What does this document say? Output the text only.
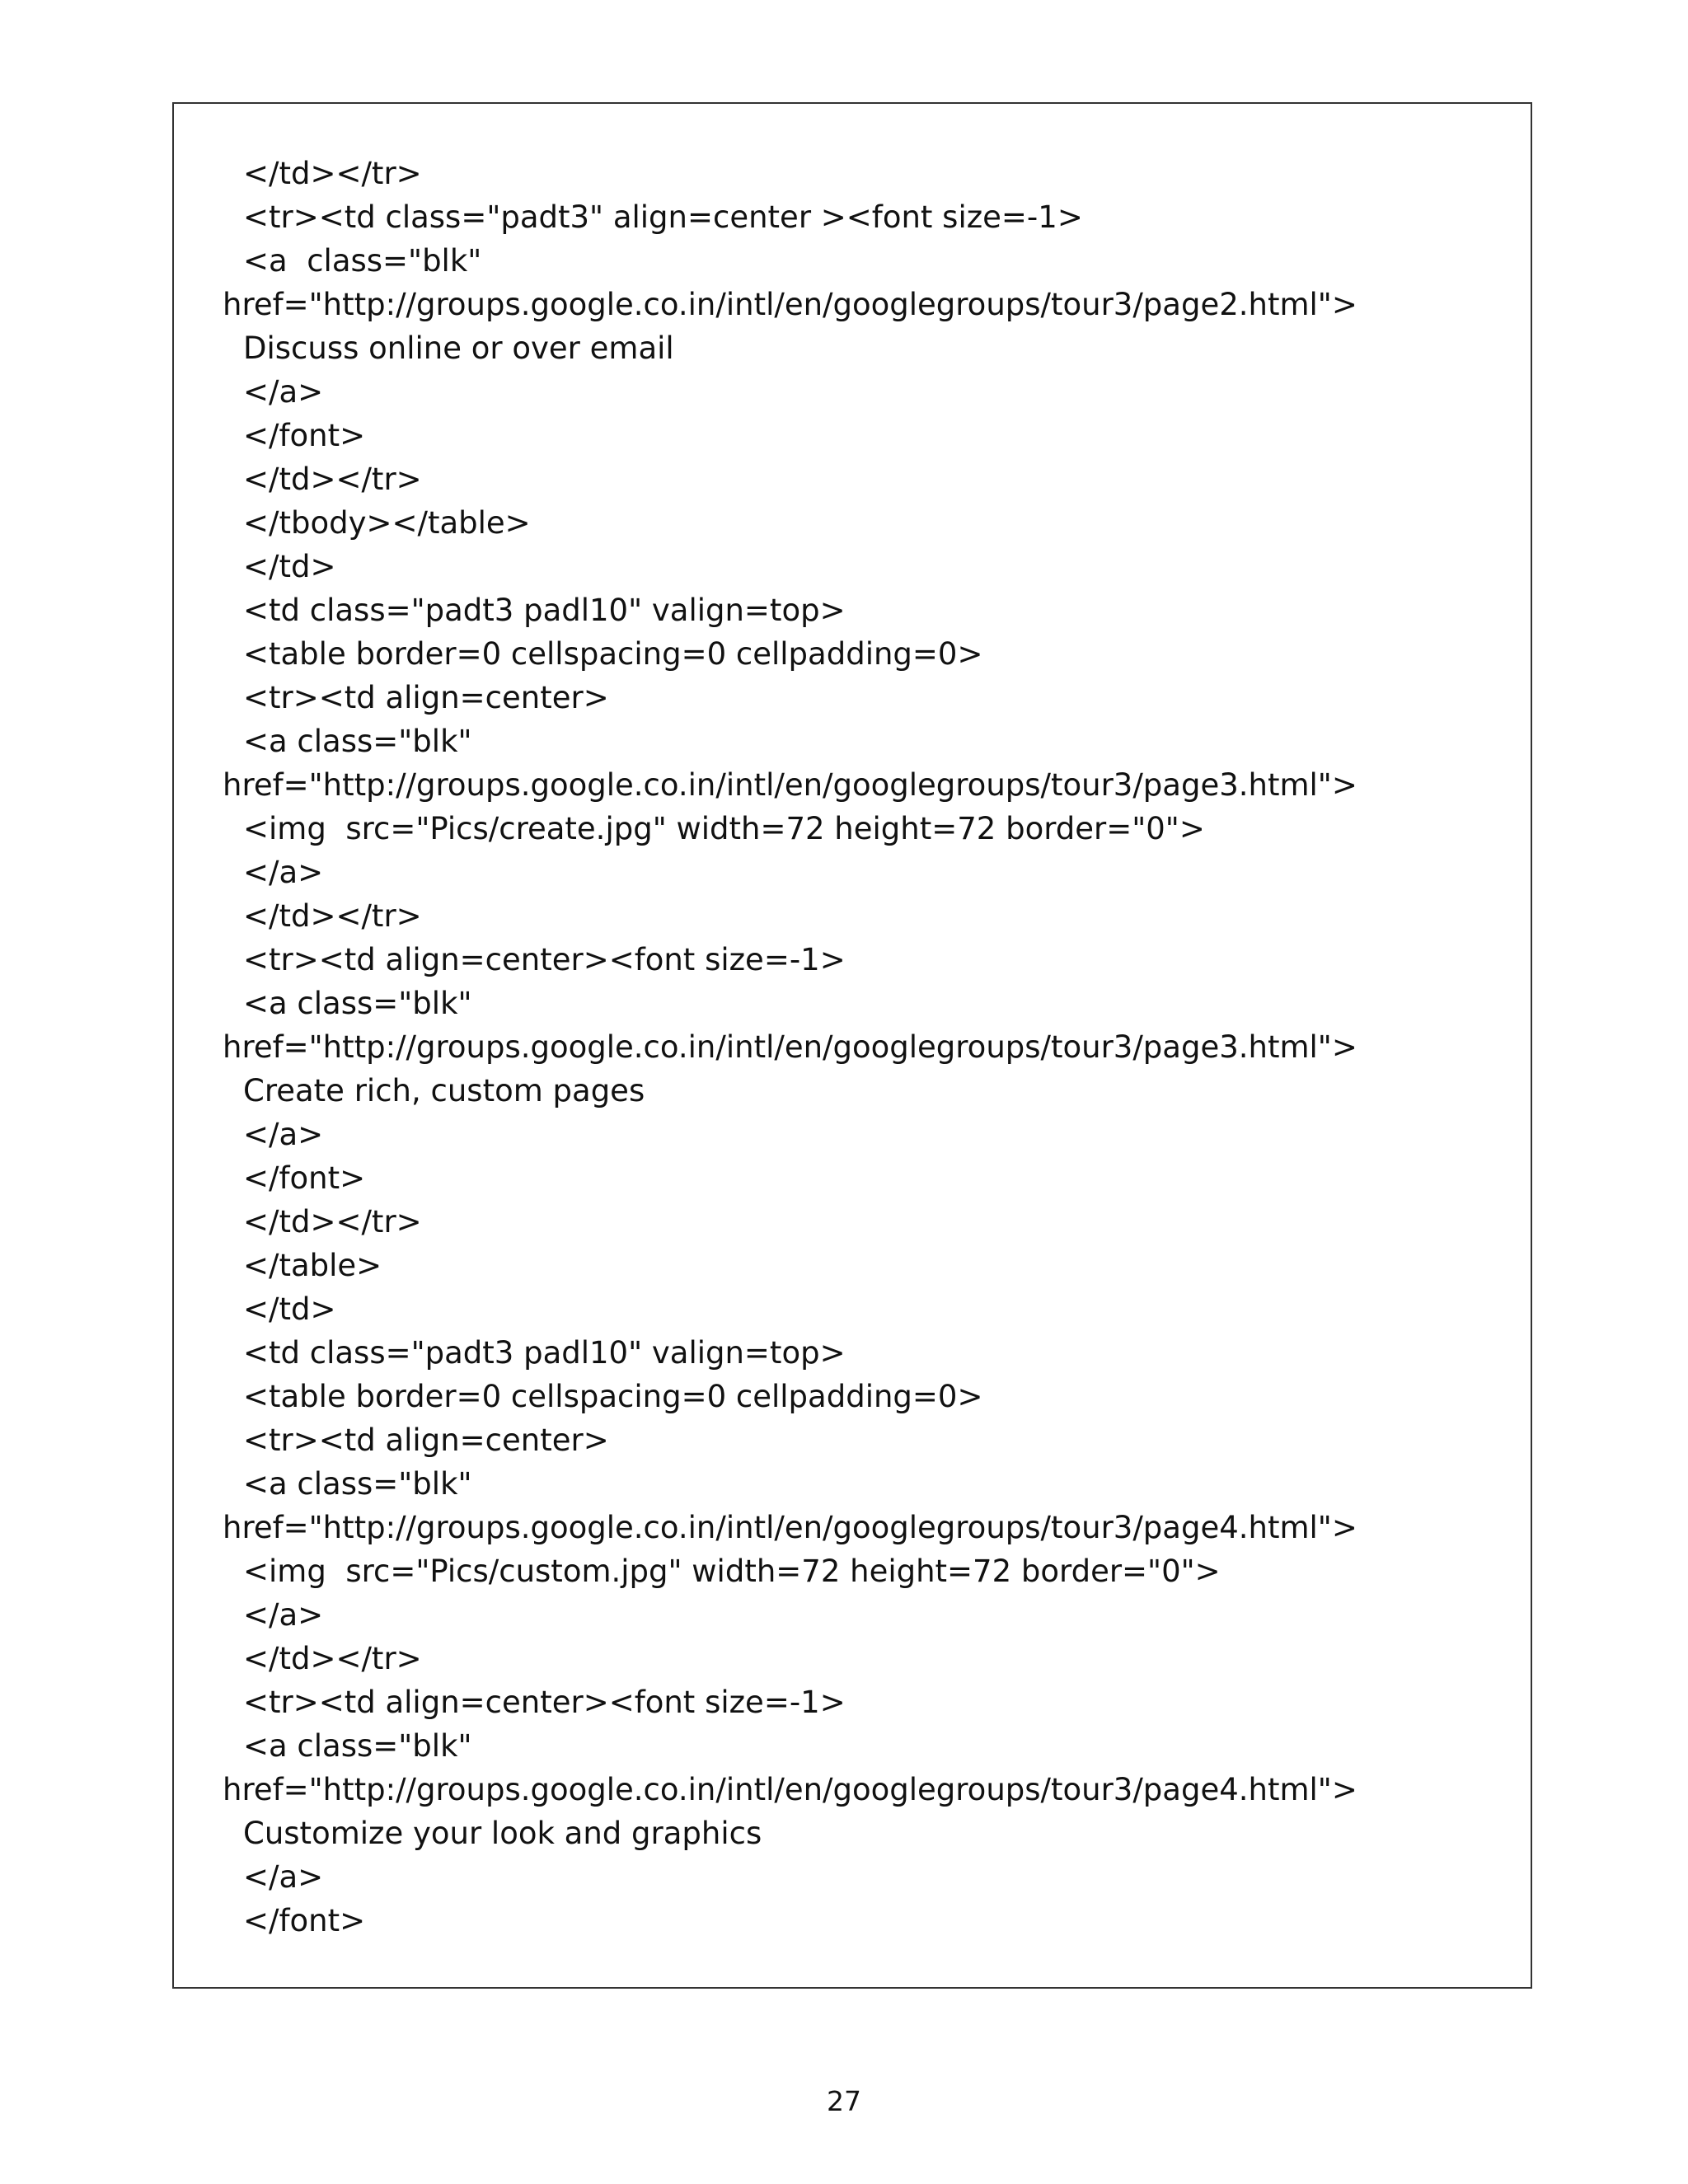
</td></tr>
<tr><td class="padt3" align=center ><font size=-1>
<a  class="blk"
href="http://groups.google.co.in/intl/en/googlegroups/tour3/page2.html">
Discuss online or over email
</a>
</font>
</td></tr>
</tbody></table>
</td>
<td class="padt3 padl10" valign=top>
<table border=0 cellspacing=0 cellpadding=0>
<tr><td align=center>
<a class="blk"
href="http://groups.google.co.in/intl/en/googlegroups/tour3/page3.html">
<img  src="Pics/create.jpg" width=72 height=72 border="0">
</a>
</td></tr>
<tr><td align=center><font size=-1>
<a class="blk"
href="http://groups.google.co.in/intl/en/googlegroups/tour3/page3.html">
Create rich, custom pages
</a>
</font>
</td></tr>
</table>
</td>
<td class="padt3 padl10" valign=top>
<table border=0 cellspacing=0 cellpadding=0>
<tr><td align=center>
<a class="blk"
href="http://groups.google.co.in/intl/en/googlegroups/tour3/page4.html">
<img  src="Pics/custom.jpg" width=72 height=72 border="0">
</a>
</td></tr>
<tr><td align=center><font size=-1>
<a class="blk"
href="http://groups.google.co.in/intl/en/googlegroups/tour3/page4.html">
Customize your look and graphics
</a>
</font>
27
